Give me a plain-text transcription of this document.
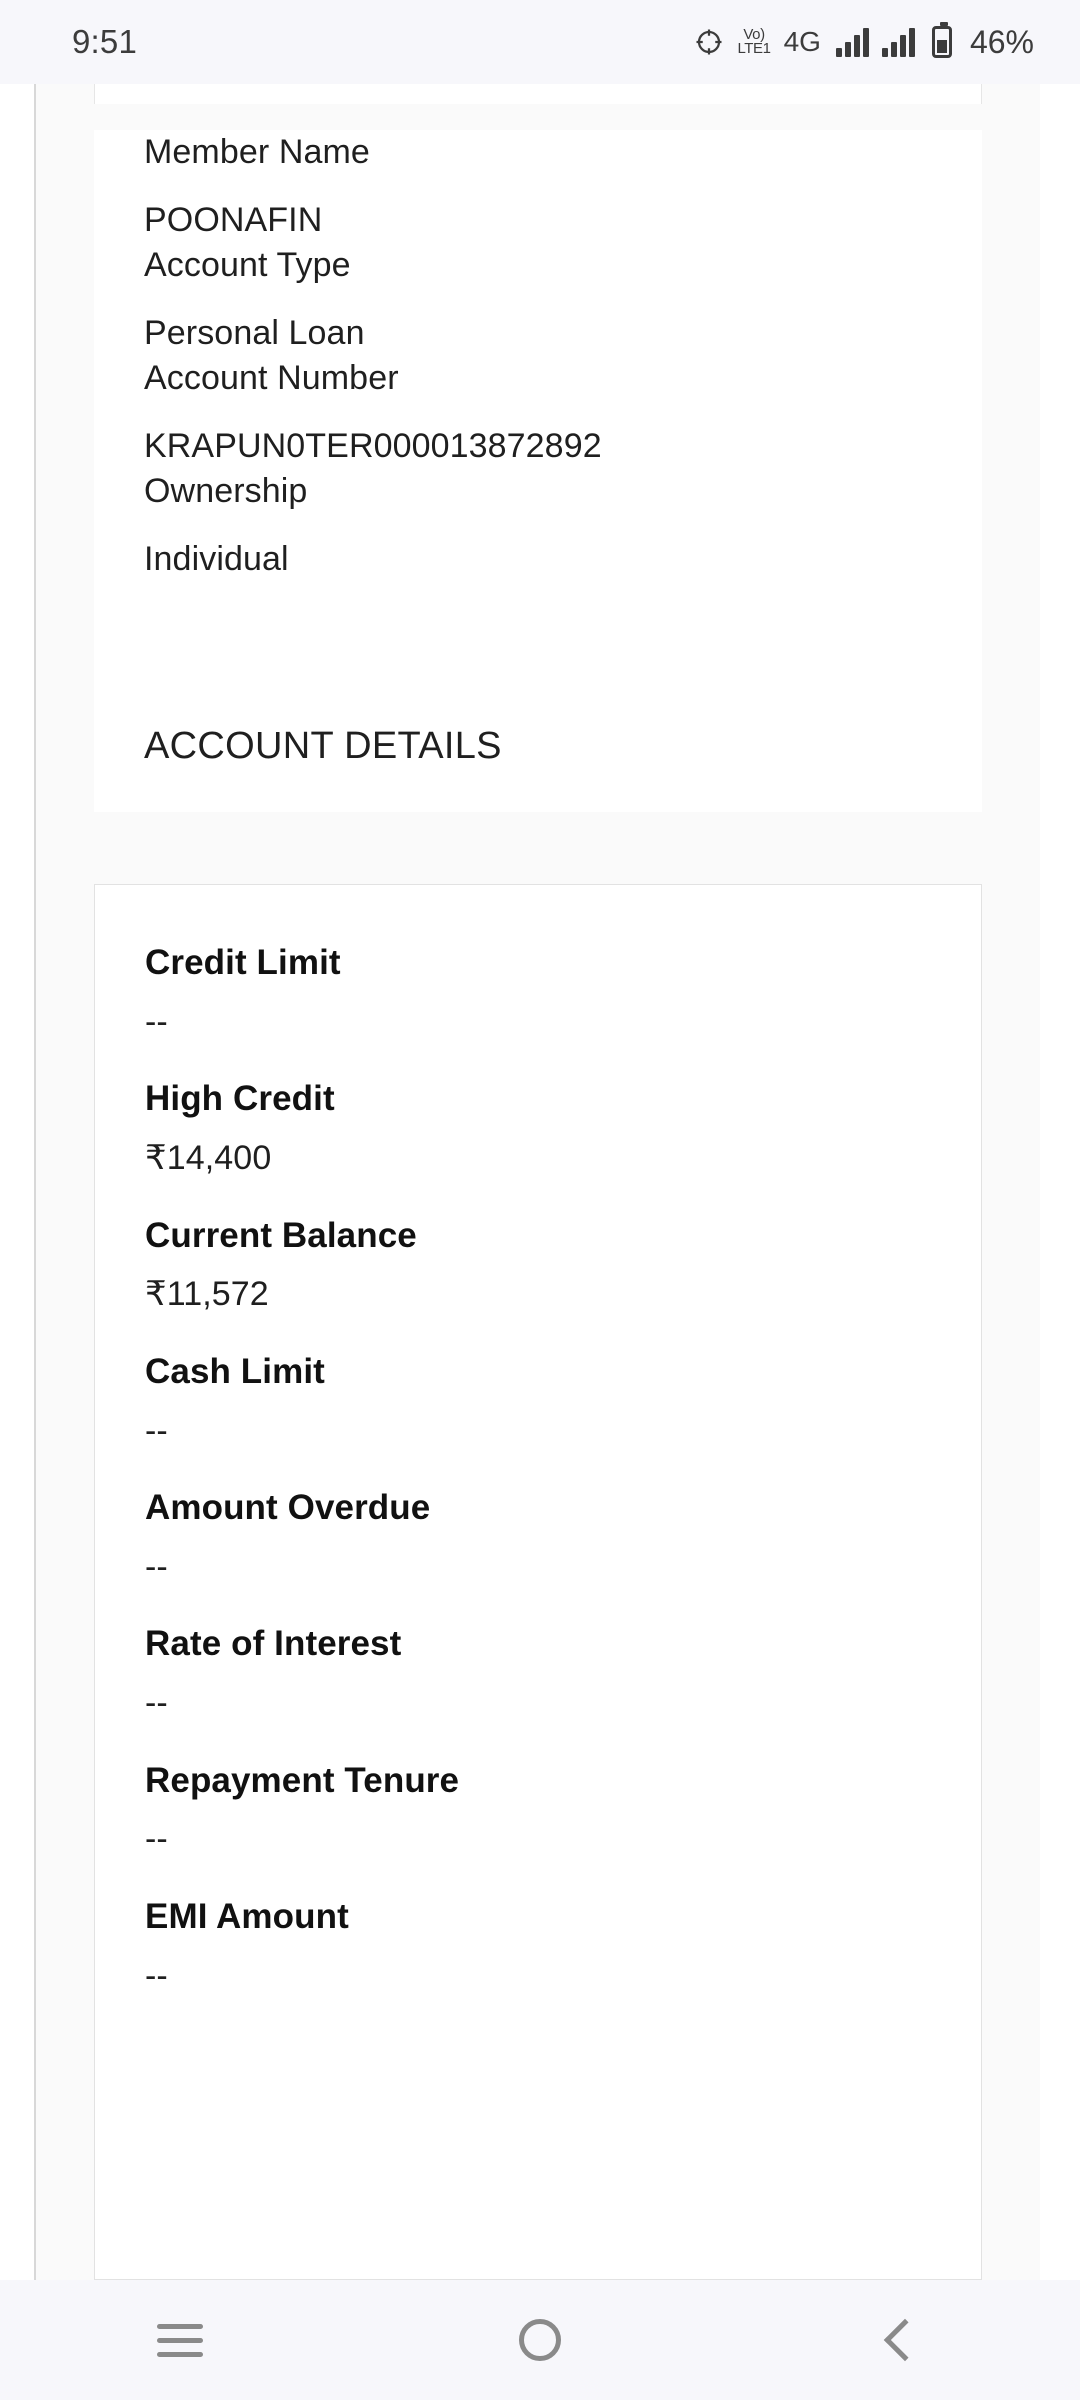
9:51	Vo)
LTE1 4G	46%
Member Name
POONAFIN
Account Type
Personal Loan
Account Number
KRAPUN0TER000013872892
Ownership
Individual
ACCOUNT DETAILS
Credit Limit
--
High Credit
₹14,400
Current Balance
₹11,572
Cash Limit
--
Amount Overdue
--
Rate of Interest
--
Repayment Tenure
--
EMI Amount
--
